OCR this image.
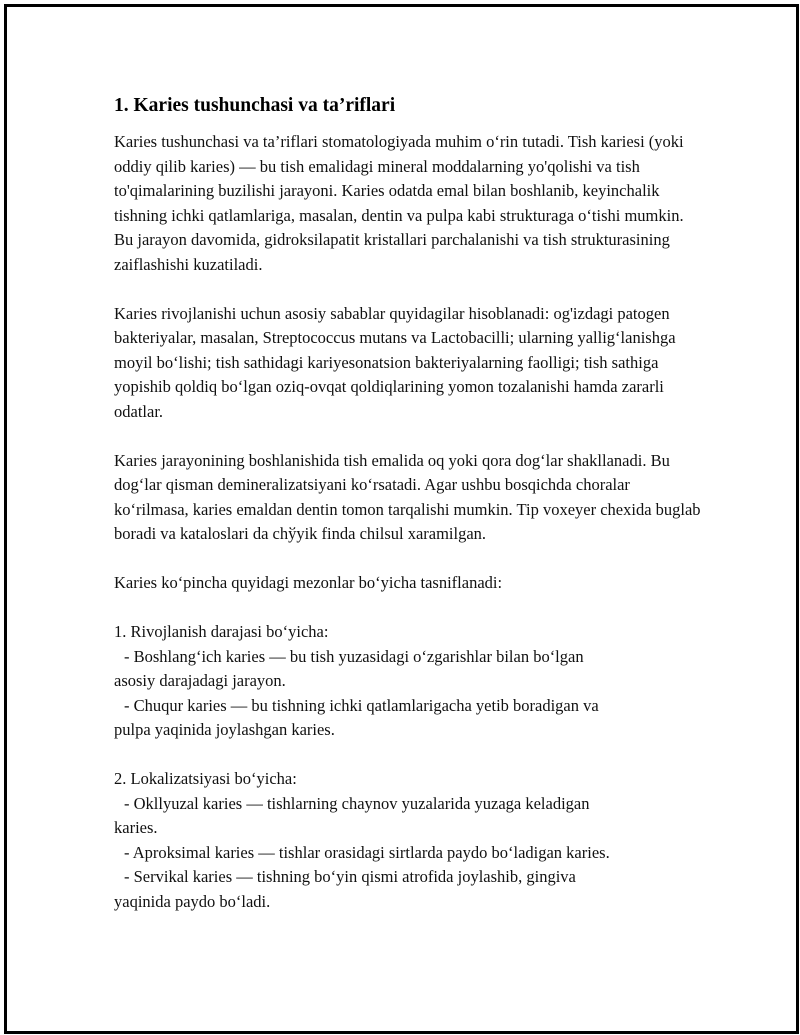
1. Karies tushunchasi va ta’riflari

Karies tushunchasi va ta’riflari stomatologiyada muhim oʻrin tutadi. Tish kariesi (yoki oddiy qilib karies) — bu tish emalidagi mineral moddalarning yo'qolishi va tish to'qimalarining buzilishi jarayoni. Karies odatda emal bilan boshlanib, keyinchalik tishning ichki qatlamlariga, masalan, dentin va pulpa kabi strukturaga oʻtishi mumkin. Bu jarayon davomida, gidroksilapatit kristallari parchalanishi va tish strukturasining zaiflashishi kuzatiladi.

Karies rivojlanishi uchun asosiy sabablar quyidagilar hisoblanadi: og'izdagi patogen bakteriyalar, masalan, Streptococcus mutans va Lactobacilli; ularning yallig‘lanishga moyil bo‘lishi; tish sathidagi kariyesonatsion bakteriyalarning faolligi; tish sathiga yopishib qoldiq bo‘lgan oziq-ovqat qoldiqlarining yomon tozalanishi hamda zararli odatlar.

Karies jarayonining boshlanishida tish emalida oq yoki qora dog‘lar shakllanadi. Bu dog‘lar qisman demineralizatsiyani ko‘rsatadi. Agar ushbu bosqichda choralar ko‘rilmasa, karies emaldan dentin tomon tarqalishi mumkin. Tip voxeyer chexida buglab boradi va kataloslari da chўyik finda chilsul xaramilgan.

Karies ko‘pincha quyidagi mezonlar bo‘yicha tasniflanadi:

1. Rivojlanish darajasi bo‘yicha:
- Boshlang‘ich karies — bu tish yuzasidagi oʻzgarishlar bilan bo‘lgan
asosiy darajadagi jarayon.
- Chuqur karies — bu tishning ichki qatlamlarigacha yetib boradigan va
pulpa yaqinida joylashgan karies.
2. Lokalizatsiyasi bo‘yicha:
- Okllyuzal karies — tishlarning chaynov yuzalarida yuzaga keladigan
karies.
- Aproksimal karies — tishlar orasidagi sirtlarda paydo bo‘ladigan karies.
- Servikal karies — tishning bo‘yin qismi atrofida joylashib, gingiva
yaqinida paydo bo‘ladi.
